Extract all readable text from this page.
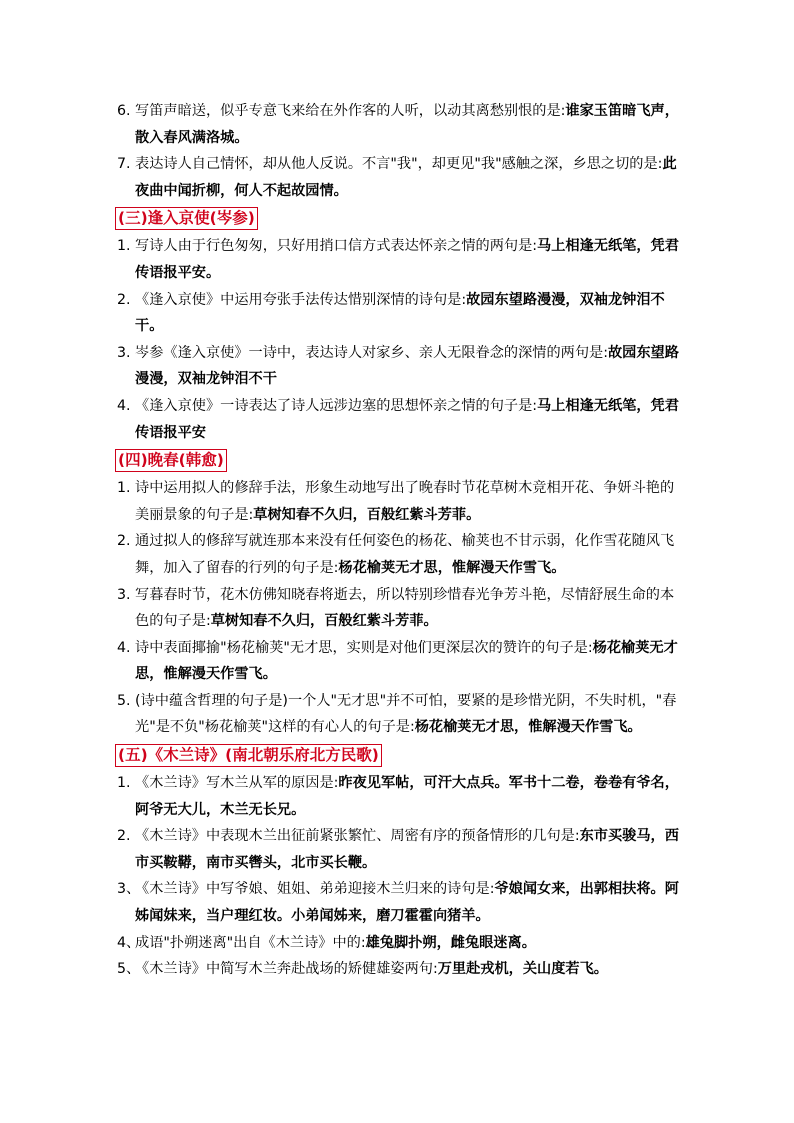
6. 写笛声暗送，似乎专意飞来给在外作客的人听，以动其离愁别恨的是:谁家玉笛暗飞声，散入春风满洛城。

7. 表达诗人自己情怀，却从他人反说。不言"我"，却更见"我"感触之深，乡思之切的是:此夜曲中闻折柳，何人不起故园情。

(三)逢入京使(岑参)

1. 写诗人由于行色匆匆，只好用捎口信方式表达怀亲之情的两句是:马上相逢无纸笔，凭君传语报平安。

2. 《逢入京使》中运用夸张手法传达惜别深情的诗句是:故园东望路漫漫，双袖龙钟泪不干。

3. 岑参《逢入京使》一诗中，表达诗人对家乡、亲人无限眷念的深情的两句是:故园东望路漫漫，双袖龙钟泪不干

4. 《逢入京使》一诗表达了诗人远涉边塞的思想怀亲之情的句子是:马上相逢无纸笔，凭君传语报平安

(四)晚春(韩愈)

1. 诗中运用拟人的修辞手法，形象生动地写出了晚春时节花草树木竞相开花、争妍斗艳的美丽景象的句子是:草树知春不久归，百般红紫斗芳菲。

2. 通过拟人的修辞写就连那本来没有任何姿色的杨花、榆荚也不甘示弱，化作雪花随风飞舞，加入了留春的行列的句子是:杨花榆荚无才思，惟解漫天作雪飞。

3. 写暮春时节，花木仿佛知晓春将逝去，所以特别珍惜春光争芳斗艳，尽情舒展生命的本色的句子是:草树知春不久归，百般红紫斗芳菲。

4. 诗中表面揶揄"杨花榆荚"无才思，实则是对他们更深层次的赞许的句子是:杨花榆荚无才思，惟解漫天作雪飞。

5. (诗中蕴含哲理的句子是)一个人"无才思"并不可怕，要紧的是珍惜光阴，不失时机，"春光"是不负"杨花榆荚"这样的有心人的句子是:杨花榆荚无才思，惟解漫天作雪飞。

(五)《木兰诗》(南北朝乐府北方民歌)

1. 《木兰诗》写木兰从军的原因是:昨夜见军帖，可汗大点兵。军书十二卷，卷卷有爷名，阿爷无大儿，木兰无长兄。

2. 《木兰诗》中表现木兰出征前紧张繁忙、周密有序的预备情形的几句是:东市买骏马，西市买鞍鞯，南市买辔头，北市买长鞭。

3、
《木兰诗》中写爷娘、姐姐、弟弟迎接木兰归来的诗句是:爷娘闻女来，出郭相扶将。阿姊闻妹来，当户理红妆。小弟闻姊来，磨刀霍霍向猪羊。

4、
成语"扑朔迷离"出自《木兰诗》中的:雄兔脚扑朔，雌兔眼迷离。

5、
《木兰诗》中简写木兰奔赴战场的矫健雄姿两句:万里赴戎机，关山度若飞。
